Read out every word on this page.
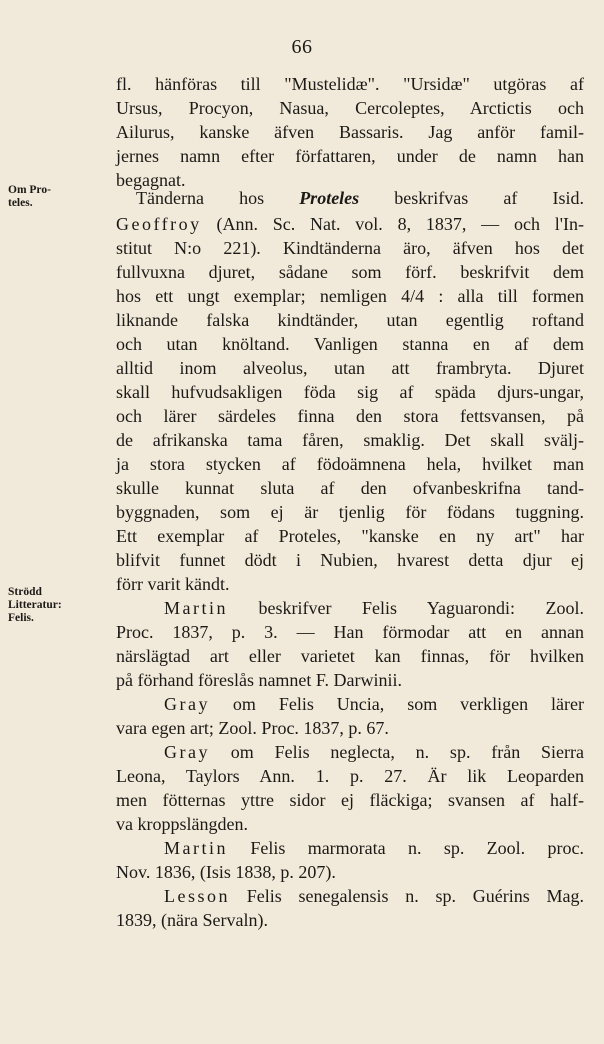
66
Om Pro-
teles.
Strödd
Litteratur:
Felis.
fl. hänföras till "Mustelidæ". "Ursidæ" utgöras af
Ursus, Procyon, Nasua, Cercoleptes, Arctictis och
Ailurus, kanske äfven Bassaris. Jag anför famil-
jernes namn efter författaren, under de namn han
begagnat.
Tänderna hos Proteles beskrifvas af Isid.
Geoffroy (Ann. Sc. Nat. vol. 8, 1837, — och l'In-
stitut N:o 221). Kindtänderna äro, äfven hos det
fullvuxna djuret, sådane som förf. beskrifvit dem
hos ett ungt exemplar; nemligen 4/4 : alla till formen
liknande falska kindtänder, utan egentlig roftand
och utan knöltand. Vanligen stanna en af dem
alltid inom alveolus, utan att frambryta. Djuret
skall hufvudsakligen föda sig af späda djurs-ungar,
och lärer särdeles finna den stora fettsvansen, på
de afrikanska tama fåren, smaklig. Det skall svälj-
ja stora stycken af födoämnena hela, hvilket man
skulle kunnat sluta af den ofvanbeskrifna tand-
byggnaden, som ej är tjenlig för födans tuggning.
Ett exemplar af Proteles, "kanske en ny art" har
blifvit funnet dödt i Nubien, hvarest detta djur ej
förr varit kändt.
Martin beskrifver Felis Yaguarondi: Zool.
Proc. 1837, p. 3. — Han förmodar att en annan
närslägtad art eller varietet kan finnas, för hvilken
på förhand föreslås namnet F. Darwinii.
Gray om Felis Uncia, som verkligen lärer
vara egen art; Zool. Proc. 1837, p. 67.
Gray om Felis neglecta, n. sp. från Sierra
Leona, Taylors Ann. 1. p. 27. Är lik Leoparden
men fötternas yttre sidor ej fläckiga; svansen af half-
va kroppslängden.
Martin Felis marmorata n. sp. Zool. proc.
Nov. 1836, (Isis 1838, p. 207).
Lesson Felis senegalensis n. sp. Guérins Mag.
1839, (nära Servaln).
